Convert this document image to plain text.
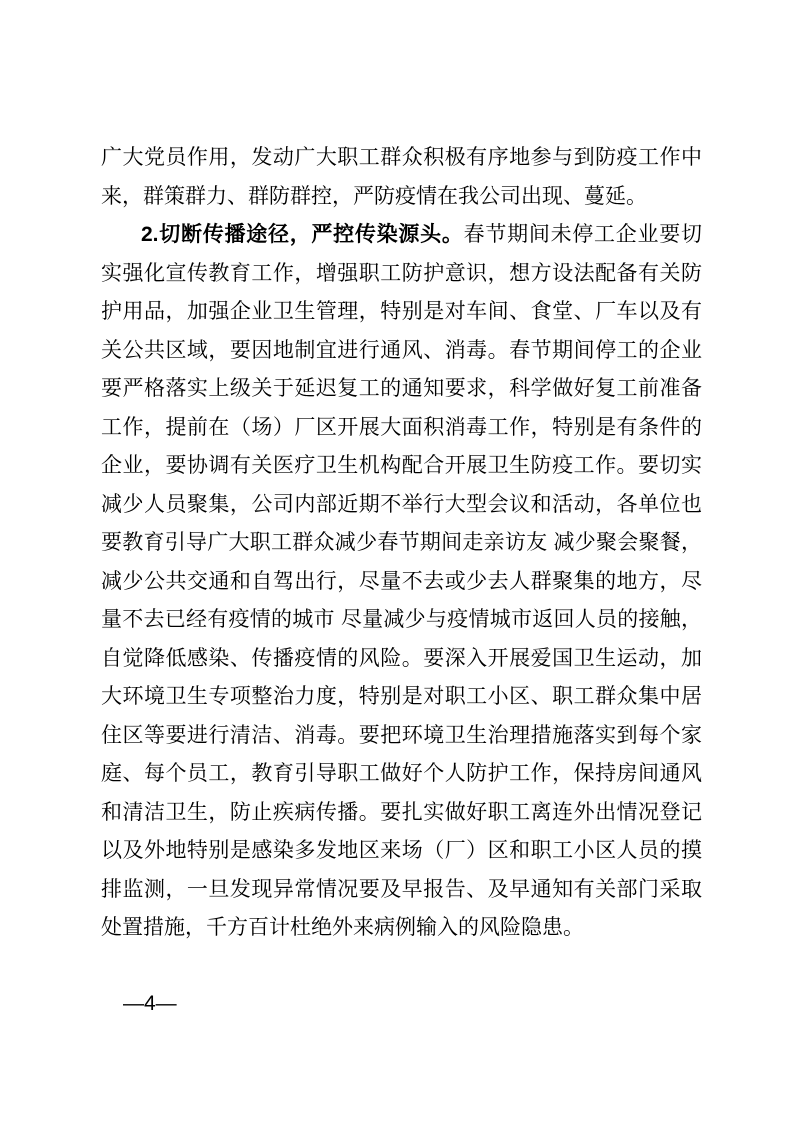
广大党员作用，发动广大职工群众积极有序地参与到防疫工作中
来，群策群力、群防群控，严防疫情在我公司出现、蔓延。
2.切断传播途径，严控传染源头。春节期间未停工企业要切
实强化宣传教育工作，增强职工防护意识，想方设法配备有关防
护用品，加强企业卫生管理，特别是对车间、食堂、厂车以及有
关公共区域，要因地制宜进行通风、消毒。春节期间停工的企业
要严格落实上级关于延迟复工的通知要求，科学做好复工前准备
工作，提前在（场）厂区开展大面积消毒工作，特别是有条件的
企业，要协调有关医疗卫生机构配合开展卫生防疫工作。要切实
减少人员聚集，公司内部近期不举行大型会议和活动，各单位也
要教育引导广大职工群众减少春节期间走亲访友 减少聚会聚餐，
减少公共交通和自驾出行，尽量不去或少去人群聚集的地方，尽
量不去已经有疫情的城市 尽量减少与疫情城市返回人员的接触，
自觉降低感染、传播疫情的风险。要深入开展爱国卫生运动，加
大环境卫生专项整治力度，特别是对职工小区、职工群众集中居
住区等要进行清洁、消毒。要把环境卫生治理措施落实到每个家
庭、每个员工，教育引导职工做好个人防护工作，保持房间通风
和清洁卫生，防止疾病传播。要扎实做好职工离连外出情况登记
以及外地特别是感染多发地区来场（厂）区和职工小区人员的摸
排监测，一旦发现异常情况要及早报告、及早通知有关部门采取
处置措施，千方百计杜绝外来病例输入的风险隐患。
—4—
